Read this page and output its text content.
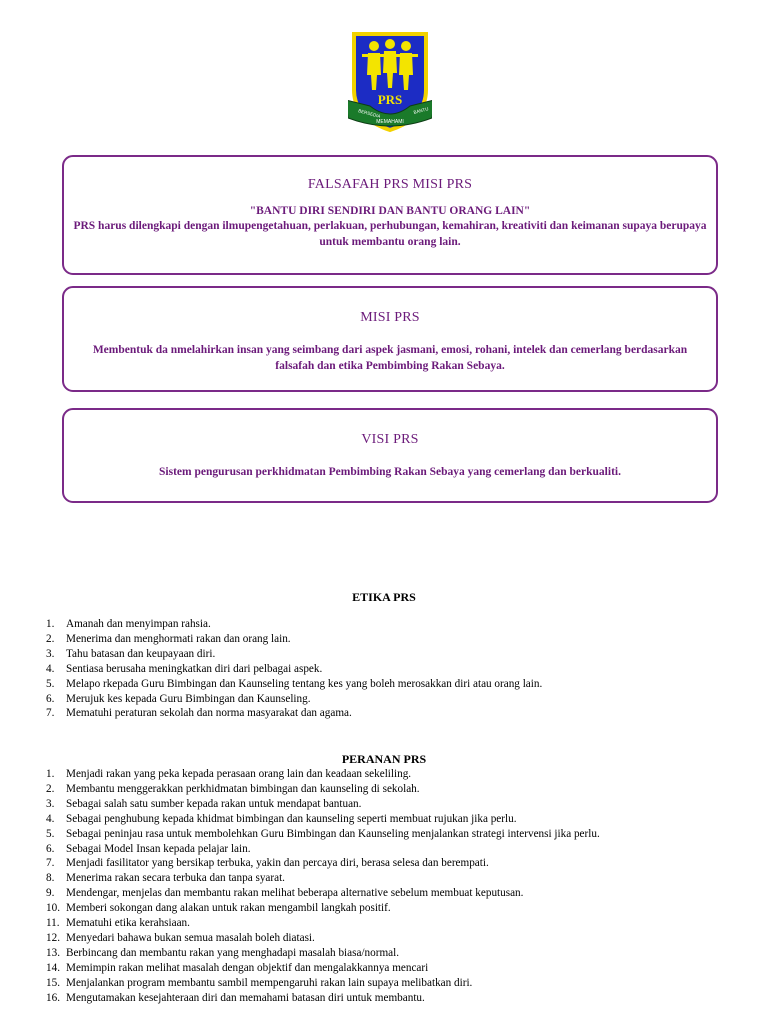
PRS
BERSEDIA
MEMAHAMI
BANTU
FALSAFAH PRS MISI PRS
"BANTU DIRI SENDIRI DAN BANTU ORANG LAIN"
PRS harus dilengkapi dengan ilmupengetahuan, perlakuan, perhubungan, kemahiran, kreativiti dan keimanan supaya berupaya untuk membantu orang lain.
MISI PRS
Membentuk da nmelahirkan insan yang seimbang dari aspek jasmani, emosi, rohani, intelek dan cemerlang berdasarkan falsafah dan etika Pembimbing Rakan Sebaya.
VISI PRS
Sistem pengurusan perkhidmatan Pembimbing Rakan Sebaya yang cemerlang dan berkualiti.
ETIKA PRS
1.	Amanah dan menyimpan rahsia.
2.	Menerima dan menghormati rakan dan orang lain.
3.	Tahu batasan dan keupayaan diri.
4.	Sentiasa berusaha meningkatkan diri dari pelbagai aspek.
5.	Melapo rkepada Guru Bimbingan dan Kaunseling tentang kes yang boleh merosakkan diri atau orang lain.
6.	Merujuk kes kepada Guru Bimbingan dan Kaunseling.
7.	Mematuhi peraturan sekolah dan norma masyarakat dan agama.
PERANAN PRS
1.	Menjadi rakan yang peka kepada perasaan orang lain dan keadaan sekeliling.
2.	Membantu menggerakkan perkhidmatan bimbingan dan kaunseling di sekolah.
3.	Sebagai salah satu sumber kepada rakan untuk mendapat bantuan.
4.	Sebagai penghubung kepada khidmat bimbingan dan kaunseling seperti membuat rujukan jika perlu.
5.	Sebagai peninjau rasa untuk membolehkan Guru Bimbingan dan Kaunseling menjalankan strategi intervensi jika perlu.
6.	Sebagai Model Insan kepada pelajar lain.
7.	Menjadi fasilitator yang bersikap terbuka, yakin dan percaya diri, berasa selesa dan berempati.
8.	Menerima rakan secara terbuka dan tanpa syarat.
9.	Mendengar, menjelas dan membantu rakan melihat beberapa alternative sebelum membuat keputusan.
10. Memberi sokongan dang alakan untuk rakan mengambil langkah positif.
11. Mematuhi etika kerahsiaan.
12. Menyedari bahawa bukan semua masalah boleh diatasi.
13. Berbincang dan membantu rakan yang menghadapi masalah biasa/normal.
14. Memimpin rakan melihat masalah dengan objektif dan mengalakkannya mencari
15. Menjalankan program membantu sambil mempengaruhi rakan lain supaya melibatkan diri.
16. Mengutamakan kesejahteraan diri dan memahami batasan diri untuk membantu.
